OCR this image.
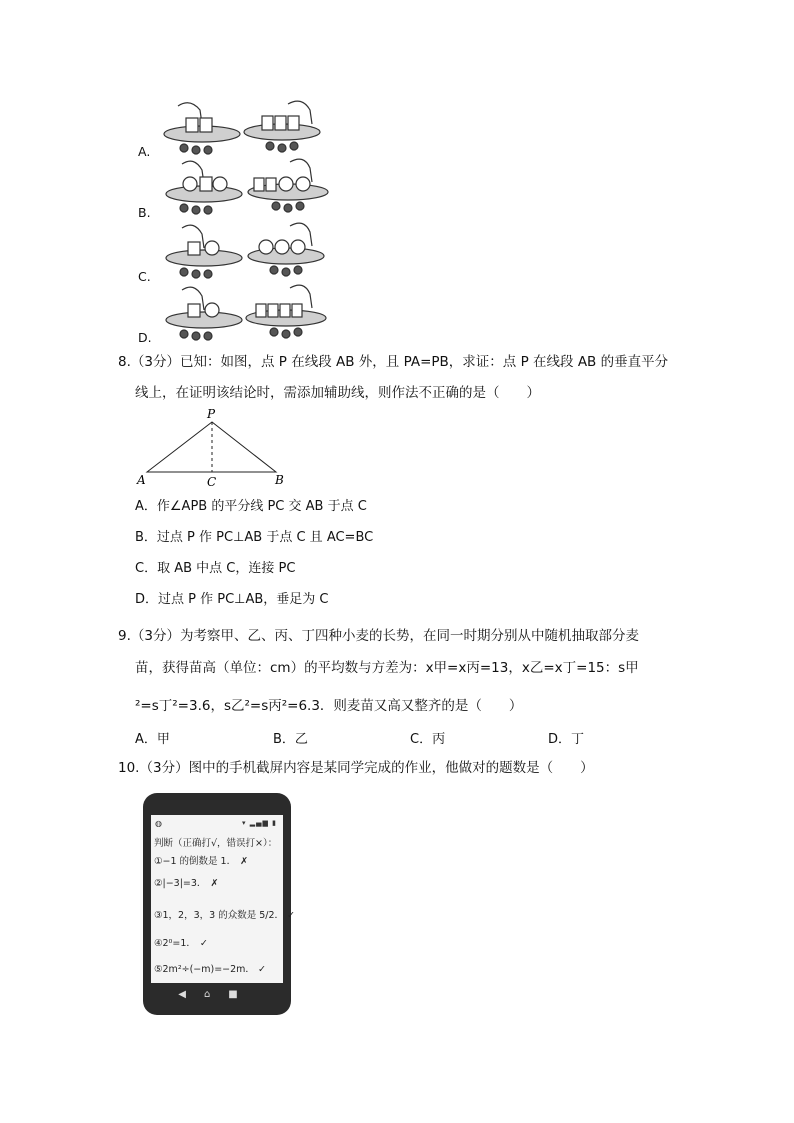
A.
B.
C.
D.
8.（3分）已知：如图，点 P 在线段 AB 外，且 PA=PB，求证：点 P 在线段 AB 的垂直平分
线上，在证明该结论时，需添加辅助线，则作法不正确的是（　　）
P
A	B
C
A．作∠APB 的平分线 PC 交 AB 于点 C
B．过点 P 作 PC⊥AB 于点 C 且 AC=BC
C．取 AB 中点 C，连接 PC
D．过点 P 作 PC⊥AB，垂足为 C
9.（3分）为考察甲、乙、丙、丁四种小麦的长势，在同一时期分别从中随机抽取部分麦
苗，获得苗高（单位：cm）的平均数与方差为：x甲=x丙=13，x乙=x丁=15：s甲
²=s丁²=3.6，s乙²=s丙²=6.3．则麦苗又高又整齐的是（　　）
A．甲	B．乙	C．丙	D．丁
10.（3分）图中的手机截屏内容是某同学完成的作业，他做对的题数是（　　）
◍	▾ ▂▄▆ ▮
判断（正确打√，错误打×）：
①−1 的倒数是 1． ✗
②|−3|=3． ✗
③1，2，3，3 的众数是 5/2． ✓
④2⁰=1． ✓
⑤2m²÷(−m)=−2m． ✓
◀⌂■
